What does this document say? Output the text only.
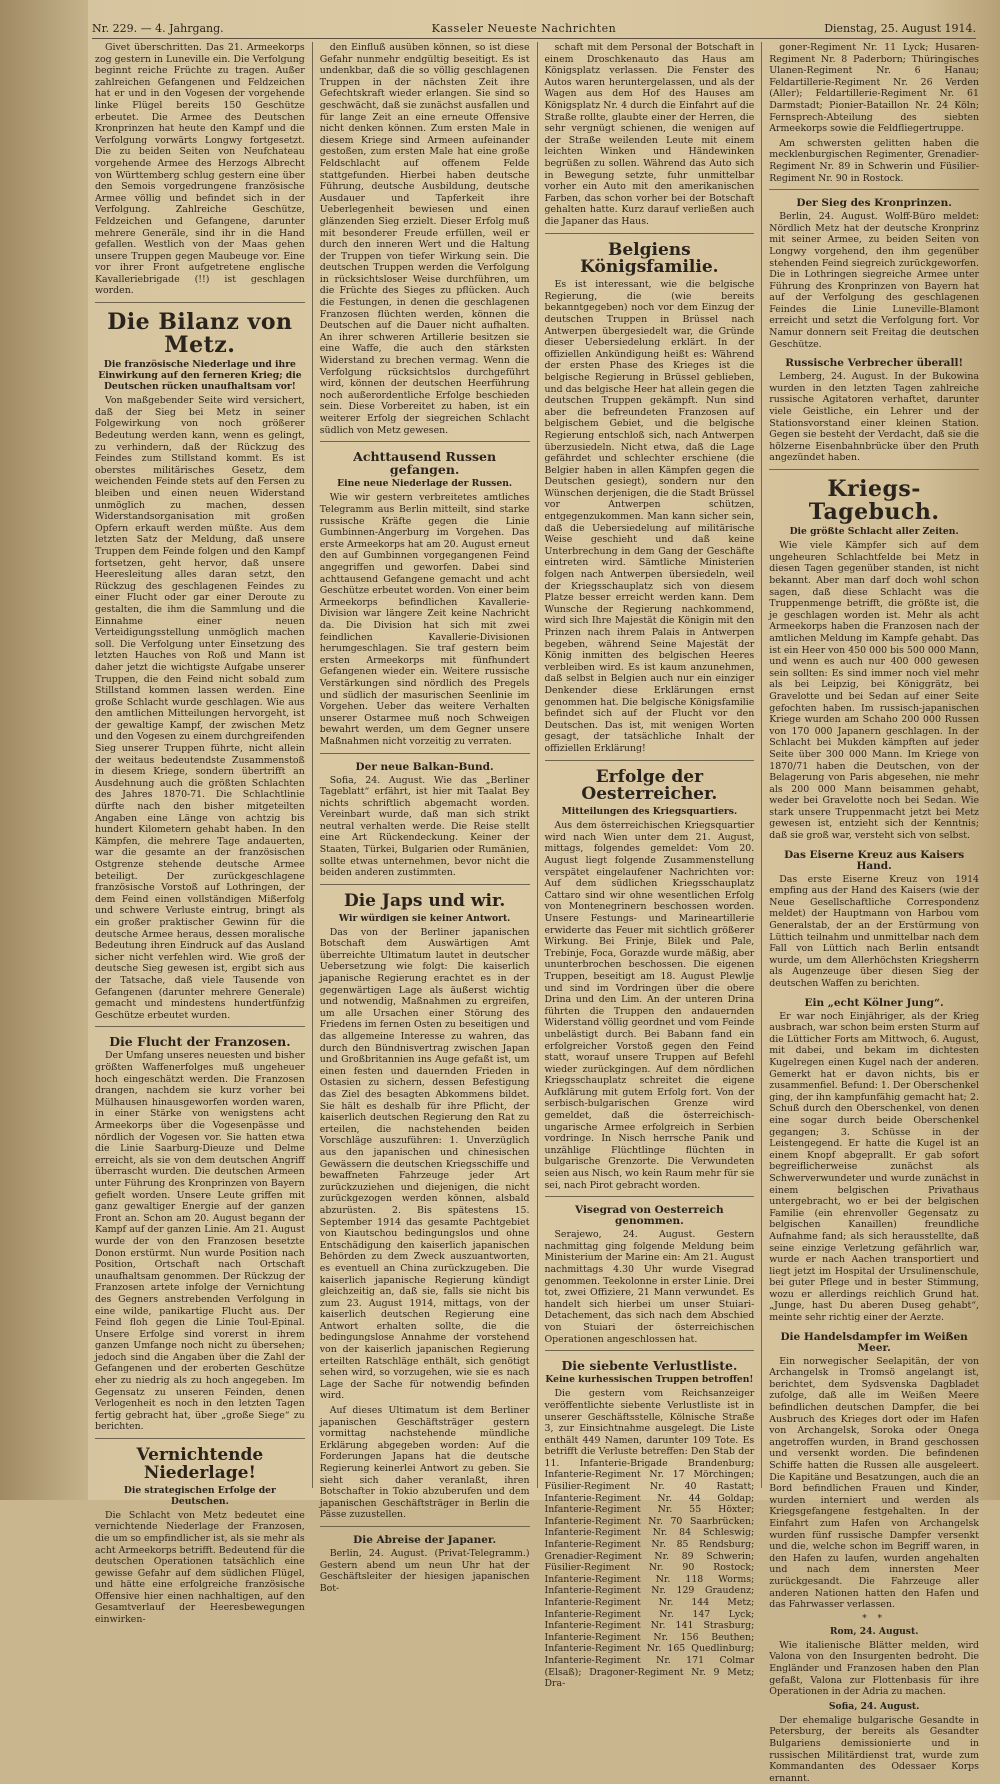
Nr. 229. — 4. Jahrgang.	Kasseler Neueste Nachrichten	Dienstag, 25. August 1914.

Givet überschritten. Das 21. Armeekorps zog gestern in Luneville ein. Die Verfolgung beginnt reiche Früchte zu tragen. Außer zahlreichen Gefangenen und Feldzeichen hat er und in den Vogesen der vorgehende linke Flügel bereits 150 Geschütze erbeutet. Die Armee des Deutschen Kronprinzen hat heute den Kampf und die Verfolgung vorwärts Longwy fortgesetzt. Die zu beiden Seiten von Neufchateau vorgehende Armee des Herzogs Albrecht von Württemberg schlug gestern eine über den Semois vorgedrungene französische Armee völlig und befindet sich in der Verfolgung. Zahlreiche Geschütze, Feldzeichen und Gefangene, darunter mehrere Generäle, sind ihr in die Hand gefallen. Westlich von der Maas gehen unsere Truppen gegen Maubeuge vor. Eine vor ihrer Front aufgetretene englische Kavalleriebrigade (!!) ist geschlagen worden.

Die Bilanz von Metz.
Die französische Niederlage und ihre Einwirkung auf den ferneren Krieg; die Deutschen rücken unaufhaltsam vor!

Von maßgebender Seite wird versichert, daß der Sieg bei Metz in seiner Folgewirkung von noch größerer Bedeutung werden kann, wenn es gelingt, zu verhindern, daß der Rückzug des Feindes zum Stillstand kommt. Es ist oberstes militärisches Gesetz, dem weichenden Feinde stets auf den Fersen zu bleiben und einen neuen Widerstand unmöglich zu machen, dessen Widerstandsorganisation mit großen Opfern erkauft werden müßte. Aus dem letzten Satz der Meldung, daß unsere Truppen dem Feinde folgen und den Kampf fortsetzen, geht hervor, daß unsere Heeresleitung alles daran setzt, den Rückzug des geschlagenen Feindes zu einer Flucht oder gar einer Deroute zu gestalten, die ihm die Sammlung und die Einnahme einer neuen Verteidigungsstellung unmöglich machen soll. Die Verfolgung unter Einsetzung des letzten Hauches von Roß und Mann ist daher jetzt die wichtigste Aufgabe unserer Truppen, die den Feind nicht sobald zum Stillstand kommen lassen werden. Eine große Schlacht wurde geschlagen. Wie aus den amtlichen Mitteilungen hervorgeht, ist der gewaltige Kampf, der zwischen Metz und den Vogesen zu einem durchgreifenden Sieg unserer Truppen führte, nicht allein der weitaus bedeutendste Zusammenstoß in diesem Kriege, sondern übertrifft an Ausdehnung auch die größten Schlachten des Jahres 1870-71. Die Schlachtlinie dürfte nach den bisher mitgeteilten Angaben eine Länge von achtzig bis hundert Kilometern gehabt haben. In den Kämpfen, die mehrere Tage andauerten, war die gesamte an der französischen Ostgrenze stehende deutsche Armee beteiligt. Der zurückgeschlagene französische Vorstoß auf Lothringen, der dem Feind einen vollständigen Mißerfolg und schwere Verluste eintrug, bringt als ein großer praktischer Gewinn für die deutsche Armee heraus, dessen moralische Bedeutung ihren Eindruck auf das Ausland sicher nicht verfehlen wird. Wie groß der deutsche Sieg gewesen ist, ergibt sich aus der Tatsache, daß viele Tausende von Gefangenen (darunter mehrere Generale) gemacht und mindestens hundertfünfzig Geschütze erbeutet wurden.

Die Flucht der Franzosen.

Der Umfang unseres neuesten und bisher größten Waffenerfolges muß ungeheuer hoch eingeschätzt werden. Die Franzosen drangen, nachdem sie kurz vorher bei Mülhausen hinausgeworfen worden waren, in einer Stärke von wenigstens acht Armeekorps über die Vogesenpässe und nördlich der Vogesen vor. Sie hatten etwa die Linie Saarburg-Dieuze und Delme erreicht, als sie von dem deutschen Angriff überrascht wurden. Die deutschen Armeen unter Führung des Kronprinzen von Bayern gefielt worden. Unsere Leute griffen mit ganz gewaltiger Energie auf der ganzen Front an. Schon am 20. August begann der Kampf auf der ganzen Linie. Am 21. August wurde der von den Franzosen besetzte Donon erstürmt. Nun wurde Position nach Position, Ortschaft nach Ortschaft unaufhaltsam genommen. Der Rückzug der Franzosen artete infolge der Vernichtung des Gegners anstrebenden Verfolgung in eine wilde, panikartige Flucht aus. Der Feind floh gegen die Linie Toul-Epinal. Unsere Erfolge sind vorerst in ihrem ganzen Umfange noch nicht zu übersehen; jedoch sind die Angaben über die Zahl der Gefangenen und der eroberten Geschütze eher zu niedrig als zu hoch angegeben. Im Gegensatz zu unseren Feinden, denen Verlogenheit es noch in den letzten Tagen fertig gebracht hat, über „große Siege“ zu berichten.

Vernichtende Niederlage!
Die strategischen Erfolge der Deutschen.

Die Schlacht von Metz bedeutet eine vernichtende Niederlage der Franzosen, die um so empfindlicher ist, als sie mehr als acht Armeekorps betrifft. Bedeutend für die deutschen Operationen tatsächlich eine gewisse Gefahr auf dem südlichen Flügel, und hätte eine erfolgreiche französische Offensive hier einen nachhaltigen, auf den Gesamtverlauf der Heeresbewegungen einwirken-

den Einfluß ausüben können, so ist diese Gefahr nunmehr endgültig beseitigt. Es ist undenkbar, daß die so völlig geschlagenen Truppen in der nächsten Zeit ihre Gefechtskraft wieder erlangen. Sie sind so geschwächt, daß sie zunächst ausfallen und für lange Zeit an eine erneute Offensive nicht denken können. Zum ersten Male in diesem Kriege sind Armeen aufeinander gestoßen, zum ersten Male hat eine große Feldschlacht auf offenem Felde stattgefunden. Hierbei haben deutsche Führung, deutsche Ausbildung, deutsche Ausdauer und Tapferkeit ihre Ueberlegenheit bewiesen und einen glänzenden Sieg erzielt. Dieser Erfolg muß mit besonderer Freude erfüllen, weil er durch den inneren Wert und die Haltung der Truppen von tiefer Wirkung sein. Die deutschen Truppen werden die Verfolgung in rücksichtsloser Weise durchführen, um die Früchte des Sieges zu pflücken. Auch die Festungen, in denen die geschlagenen Franzosen flüchten werden, können die Deutschen auf die Dauer nicht aufhalten. An ihrer schweren Artillerie besitzen sie eine Waffe, die auch den stärksten Widerstand zu brechen vermag. Wenn die Verfolgung rücksichtslos durchgeführt wird, können der deutschen Heerführung noch außerordentliche Erfolge beschieden sein. Diese Vorbereitet zu haben, ist ein weiterer Erfolg der siegreichen Schlacht südlich von Metz gewesen.

Achttausend Russen gefangen.
Eine neue Niederlage der Russen.

Wie wir gestern verbreitetes amtliches Telegramm aus Berlin mitteilt, sind starke russische Kräfte gegen die Linie Gumbinnen-Angerburg im Vorgehen. Das erste Armeekorps hat am 20. August erneut den auf Gumbinnen vorgegangenen Feind angegriffen und geworfen. Dabei sind achttausend Gefangene gemacht und acht Geschütze erbeutet worden. Von einer beim Armeekorps befindlichen Kavallerie-Division war längere Zeit keine Nachricht da. Die Division hat sich mit zwei feindlichen Kavallerie-Divisionen herumgeschlagen. Sie traf gestern beim ersten Armeekorps mit fünfhundert Gefangenen wieder ein. Weitere russische Verstärkungen sind nördlich des Pregels und südlich der masurischen Seenlinie im Vorgehen. Ueber das weitere Verhalten unserer Ostarmee muß noch Schweigen bewahrt werden, um dem Gegner unsere Maßnahmen nicht vorzeitig zu verraten.

Der neue Balkan-Bund.

Sofia, 24. August. Wie das „Berliner Tageblatt“ erfährt, ist hier mit Taalat Bey nichts schriftlich abgemacht worden. Vereinbart wurde, daß man sich strikt neutral verhalten werde. Die Reise stellt eine Art Rückendeckung. Keiner der Staaten, Türkei, Bulgarien oder Rumänien, sollte etwas unternehmen, bevor nicht die beiden anderen zustimmten.

Die Japs und wir.
Wir würdigen sie keiner Antwort.

Das von der Berliner japanischen Botschaft dem Auswärtigen Amt überreichte Ultimatum lautet in deutscher Uebersetzung wie folgt: Die kaiserlich japanische Regierung erachtet es in der gegenwärtigen Lage als äußerst wichtig und notwendig, Maßnahmen zu ergreifen, um alle Ursachen einer Störung des Friedens im fernen Osten zu beseitigen und das allgemeine Interesse zu wahren, das durch den Bündnisvertrag zwischen Japan und Großbritannien ins Auge gefaßt ist, um einen festen und dauernden Frieden in Ostasien zu sichern, dessen Befestigung das Ziel des besagten Abkommens bildet. Sie hält es deshalb für ihre Pflicht, der kaiserlich deutschen Regierung den Rat zu erteilen, die nachstehenden beiden Vorschläge auszuführen: 1. Unverzüglich aus den japanischen und chinesischen Gewässern die deutschen Kriegsschiffe und bewaffneten Fahrzeuge jeder Art zurückzuziehen und diejenigen, die nicht zurückgezogen werden können, alsbald abzurüsten. 2. Bis spätestens 15. September 1914 das gesamte Pachtgebiet von Kiautschou bedingungslos und ohne Entschädigung den kaiserlich japanischen Behörden zu dem Zweck auszuantworten, es eventuell an China zurückzugeben. Die kaiserlich japanische Regierung kündigt gleichzeitig an, daß sie, falls sie nicht bis zum 23. August 1914, mittags, von der kaiserlich deutschen Regierung eine Antwort erhalten sollte, die die bedingungslose Annahme der vorstehend von der kaiserlich japanischen Regierung erteilten Ratschläge enthält, sich genötigt sehen wird, so vorzugehen, wie sie es nach Lage der Sache für notwendig befinden wird.

Auf dieses Ultimatum ist dem Berliner japanischen Geschäftsträger gestern vormittag nachstehende mündliche Erklärung abgegeben worden: Auf die Forderungen Japans hat die deutsche Regierung keinerlei Antwort zu geben. Sie sieht sich daher veranlaßt, ihren Botschafter in Tokio abzuberufen und dem japanischen Geschäftsträger in Berlin die Pässe zuzustellen.

Die Abreise der Japaner.

Berlin, 24. August. (Privat-Telegramm.) Gestern abend um neun Uhr hat der Geschäftsleiter der hiesigen japanischen Bot-

schaft mit dem Personal der Botschaft in einem Droschkenauto das Haus am Königsplatz verlassen. Die Fenster des Autos waren heruntergelassen, und als der Wagen aus dem Hof des Hauses am Königsplatz Nr. 4 durch die Einfahrt auf die Straße rollte, glaubte einer der Herren, die sehr vergnügt schienen, die wenigen auf der Straße weilenden Leute mit einem leichten Winken und Händewinken begrüßen zu sollen. Während das Auto sich in Bewegung setzte, fuhr unmittelbar vorher ein Auto mit den amerikanischen Farben, das schon vorher bei der Botschaft gehalten hatte. Kurz darauf verließen auch die Japaner das Haus.

Belgiens Königsfamilie.

Es ist interessant, wie die belgische Regierung, die (wie bereits bekanntgegeben) noch vor dem Einzug der deutschen Truppen in Brüssel nach Antwerpen übergesiedelt war, die Gründe dieser Uebersiedelung erklärt. In der offiziellen Ankündigung heißt es: Während der ersten Phase des Krieges ist die belgische Regierung in Brüssel geblieben, und das belgische Heer hat allein gegen die deutschen Truppen gekämpft. Nun sind aber die befreundeten Franzosen auf belgischem Gebiet, und die belgische Regierung entschloß sich, nach Antwerpen überzusiedeln. Nicht etwa, daß die Lage gefährdet und schlechter erschiene (die Belgier haben in allen Kämpfen gegen die Deutschen gesiegt), sondern nur den Wünschen derjenigen, die die Stadt Brüssel vor Antwerpen schützen, entgegenzukommen. Man kann sicher sein, daß die Uebersiedelung auf militärische Weise geschieht und daß keine Unterbrechung in dem Gang der Geschäfte eintreten wird. Sämtliche Ministerien folgen nach Antwerpen übersiedeln, weil der Kriegsschauplatz sich von diesem Platze besser erreicht werden kann. Dem Wunsche der Regierung nachkommend, wird sich Ihre Majestät die Königin mit den Prinzen nach ihrem Palais in Antwerpen begeben, während Seine Majestät der König inmitten des belgischen Heeres verbleiben wird. Es ist kaum anzunehmen, daß selbst in Belgien auch nur ein einziger Denkender diese Erklärungen ernst genommen hat. Die belgische Königsfamilie befindet sich auf der Flucht vor den Deutschen. Das ist, mit wenigen Worten gesagt, der tatsächliche Inhalt der offiziellen Erklärung!

Erfolge der Oesterreicher.
Mitteilungen des Kriegsquartiers.

Aus dem österreichischen Kriegsquartier wird nach Wien unter dem 21. August, mittags, folgendes gemeldet: Vom 20. August liegt folgende Zusammenstellung verspätet eingelaufener Nachrichten vor: Auf dem südlichen Kriegsschauplatz Cattaro sind wir ohne wesentlichen Erfolg von Montenegrinern beschossen worden. Unsere Festungs- und Marineartillerie erwiderte das Feuer mit sichtlich größerer Wirkung. Bei Frinje, Bilek und Pale, Trebinje, Foca, Gorazde wurde mäßig, aber ununterbrochen beschossen. Die eigenen Truppen, beseitigt am 18. August Plewlje und sind im Vordringen über die obere Drina und den Lim. An der unteren Drina führten die Truppen den andauernden Widerstand völlig geordnet und vom Feinde unbelästigt durch. Bei Babann fand ein erfolgreicher Vorstoß gegen den Feind statt, worauf unsere Truppen auf Befehl wieder zurückgingen. Auf dem nördlichen Kriegsschauplatz schreitet die eigene Aufklärung mit gutem Erfolg fort. Von der serbisch-bulgarischen Grenze wird gemeldet, daß die österreichisch-ungarische Armee erfolgreich in Serbien vordringe. In Nisch herrsche Panik und unzählige Flüchtlinge flüchten in bulgarische Grenzorte. Die Verwundeten seien aus Nisch, wo kein Raum mehr für sie sei, nach Pirot gebracht worden.

Visegrad von Oesterreich genommen.

Serajewo, 24. August. Gestern nachmittag ging folgende Meldung beim Ministerium der Marine ein: Am 21. August nachmittags 4.30 Uhr wurde Visegrad genommen. Teekolonne in erster Linie. Drei tot, zwei Offiziere, 21 Mann verwundet. Es handelt sich hierbei um unser Stuiari-Detachement, das sich nach dem Abschied von Stuiari der österreichischen Operationen angeschlossen hat.

Die siebente Verlustliste.
Keine kurhessischen Truppen betroffen!

Die gestern vom Reichsanzeiger veröffentlichte siebente Verlustliste ist in unserer Geschäftsstelle, Kölnische Straße 3, zur Einsichtnahme ausgelegt. Die Liste enthält 449 Namen, darunter 109 Tote. Es betrifft die Verluste betreffen: Den Stab der 11. Infanterie-Brigade Brandenburg; Infanterie-Regiment Nr. 17 Mörchingen; Füsilier-Regiment Nr. 40 Rastatt; Infanterie-Regiment Nr. 44 Goldap; Infanterie-Regiment Nr. 55 Höxter; Infanterie-Regiment Nr. 70 Saarbrücken; Infanterie-Regiment Nr. 84 Schleswig; Infanterie-Regiment Nr. 85 Rendsburg; Grenadier-Regiment Nr. 89 Schwerin; Füsilier-Regiment Nr. 90 Rostock; Infanterie-Regiment Nr. 118 Worms; Infanterie-Regiment Nr. 129 Graudenz; Infanterie-Regiment Nr. 144 Metz; Infanterie-Regiment Nr. 147 Lyck; Infanterie-Regiment Nr. 141 Strasburg; Infanterie-Regiment Nr. 156 Beuthen; Infanterie-Regiment Nr. 165 Quedlinburg; Infanterie-Regiment Nr. 171 Colmar (Elsaß); Dragoner-Regiment Nr. 9 Metz; Dra-

goner-Regiment Nr. 11 Lyck; Husaren-Regiment Nr. 8 Paderborn; Thüringisches Ulanen-Regiment Nr. 6 Hanau; Feldartillerie-Regiment Nr. 26 Verden (Aller); Feldartillerie-Regiment Nr. 61 Darmstadt; Pionier-Bataillon Nr. 24 Köln; Fernsprech-Abteilung des siebten Armeekorps sowie die Feldfliegertruppe.

Am schwersten gelitten haben die mecklenburgischen Regimenter, Grenadier-Regiment Nr. 89 in Schwerin und Füsilier-Regiment Nr. 90 in Rostock.

Der Sieg des Kronprinzen.

Berlin, 24. August. Wolff-Büro meldet: Nördlich Metz hat der deutsche Kronprinz mit seiner Armee, zu beiden Seiten von Longwy vorgehend, den ihm gegenüber stehenden Feind siegreich zurückgeworfen. Die in Lothringen siegreiche Armee unter Führung des Kronprinzen von Bayern hat auf der Verfolgung des geschlagenen Feindes die Linie Luneville-Blamont erreicht und setzt die Verfolgung fort. Vor Namur donnern seit Freitag die deutschen Geschütze.

Russische Verbrecher überall!

Lemberg, 24. August. In der Bukowina wurden in den letzten Tagen zahlreiche russische Agitatoren verhaftet, darunter viele Geistliche, ein Lehrer und der Stationsvorstand einer kleinen Station. Gegen sie besteht der Verdacht, daß sie die hölzerne Eisenbahnbrücke über den Pruth angezündet haben.

Kriegs-Tagebuch.
Die größte Schlacht aller Zeiten.

Wie viele Kämpfer sich auf dem ungeheuren Schlachtfelde bei Metz in diesen Tagen gegenüber standen, ist nicht bekannt. Aber man darf doch wohl schon sagen, daß diese Schlacht was die Truppenmenge betrifft, die größte ist, die je geschlagen worden ist. Mehr als acht Armeekorps haben die Franzosen nach der amtlichen Meldung im Kampfe gehabt. Das ist ein Heer von 450 000 bis 500 000 Mann, und wenn es auch nur 400 000 gewesen sein sollten: Es sind immer noch viel mehr als bei Leipzig, bei Königgrätz, bei Gravelotte und bei Sedan auf einer Seite gefochten haben. Im russisch-japanischen Kriege wurden am Schaho 200 000 Russen von 170 000 Japanern geschlagen. In der Schlacht bei Mukden kämpften auf jeder Seite über 300 000 Mann. Im Kriege von 1870/71 haben die Deutschen, von der Belagerung von Paris abgesehen, nie mehr als 200 000 Mann beisammen gehabt, weder bei Gravelotte noch bei Sedan. Wie stark unsere Truppenmacht jetzt bei Metz gewesen ist, entzieht sich der Kenntnis; daß sie groß war, versteht sich von selbst.

Das Eiserne Kreuz aus Kaisers Hand.

Das erste Eiserne Kreuz von 1914 empfing aus der Hand des Kaisers (wie der Neue Gesellschaftliche Correspondenz meldet) der Hauptmann von Harbou vom Generalstab, der an der Erstürmung von Lüttich teilnahm und unmittelbar nach dem Fall von Lüttich nach Berlin entsandt wurde, um dem Allerhöchsten Kriegsherrn als Augenzeuge über diesen Sieg der deutschen Waffen zu berichten.

Ein „echt Kölner Jung“.

Er war noch Einjähriger, als der Krieg ausbrach, war schon beim ersten Sturm auf die Lütticher Forts am Mittwoch, 6. August, mit dabei, und bekam im dichtesten Kugelregen einen Kugel nach der anderen. Gemerkt hat er davon nichts, bis er zusammenfiel. Befund: 1. Der Oberschenkel ging, der ihn kampfunfähig gemacht hat; 2. Schuß durch den Oberschenkel, von denen eine sogar durch beide Oberschenkel gegangen; 3. Schüsse in der Leistengegend. Er hatte die Kugel ist an einem Knopf abgeprallt. Er gab sofort begreiflicherweise zunächst als Schwerverwundeter und wurde zunächst in einem belgischen Privathaus untergebracht, wo er bei der belgischen Familie (ein ehrenvoller Gegensatz zu belgischen Kanaillen) freundliche Aufnahme fand; als sich herausstellte, daß seine einzige Verletzung gefährlich war, wurde er nach Aachen transportiert und liegt jetzt im Hospital der Ursulinenschule, bei guter Pflege und in bester Stimmung, wozu er allerdings reichlich Grund hat. „Junge, hast Du aberen Duseg gehabt“, meinte sehr richtig einer der Aerzte.

Die Handelsdampfer im Weißen Meer.

Ein norwegischer Seelapitän, der von Archangelsk in Tromsö angelangt ist, berichtet, dem Sydsvenska Dagbladet zufolge, daß alle im Weißen Meere befindlichen deutschen Dampfer, die bei Ausbruch des Krieges dort oder im Hafen von Archangelsk, Soroka oder Onega angetroffen wurden, in Brand geschossen und versenkt worden. Die befindenen Schiffe hatten die Russen alle ausgeleert. Die Kapitäne und Besatzungen, auch die an Bord befindlichen Frauen und Kinder, wurden interniert und werden als Kriegsgefangene festgehalten. In der Einfahrt zum Hafen von Archangelsk wurden fünf russische Dampfer versenkt und die, welche schon im Begriff waren, in den Hafen zu laufen, wurden angehalten und nach dem innersten Meer zurückgesandt. Die Fahrzeuge aller anderen Nationen hatten den Hafen und das Fahrwasser verlassen.

* *
Rom, 24. August.

Wie italienische Blätter melden, wird Valona von den Insurgenten bedroht. Die Engländer und Franzosen haben den Plan gefaßt, Valona zur Flottenbasis für ihre Operationen in der Adria zu machen.

Sofia, 24. August.

Der ehemalige bulgarische Gesandte in Petersburg, der bereits als Gesandter Bulgariens demissionierte und in russischen Militärdienst trat, wurde zum Kommandanten des Odessaer Korps ernannt.
